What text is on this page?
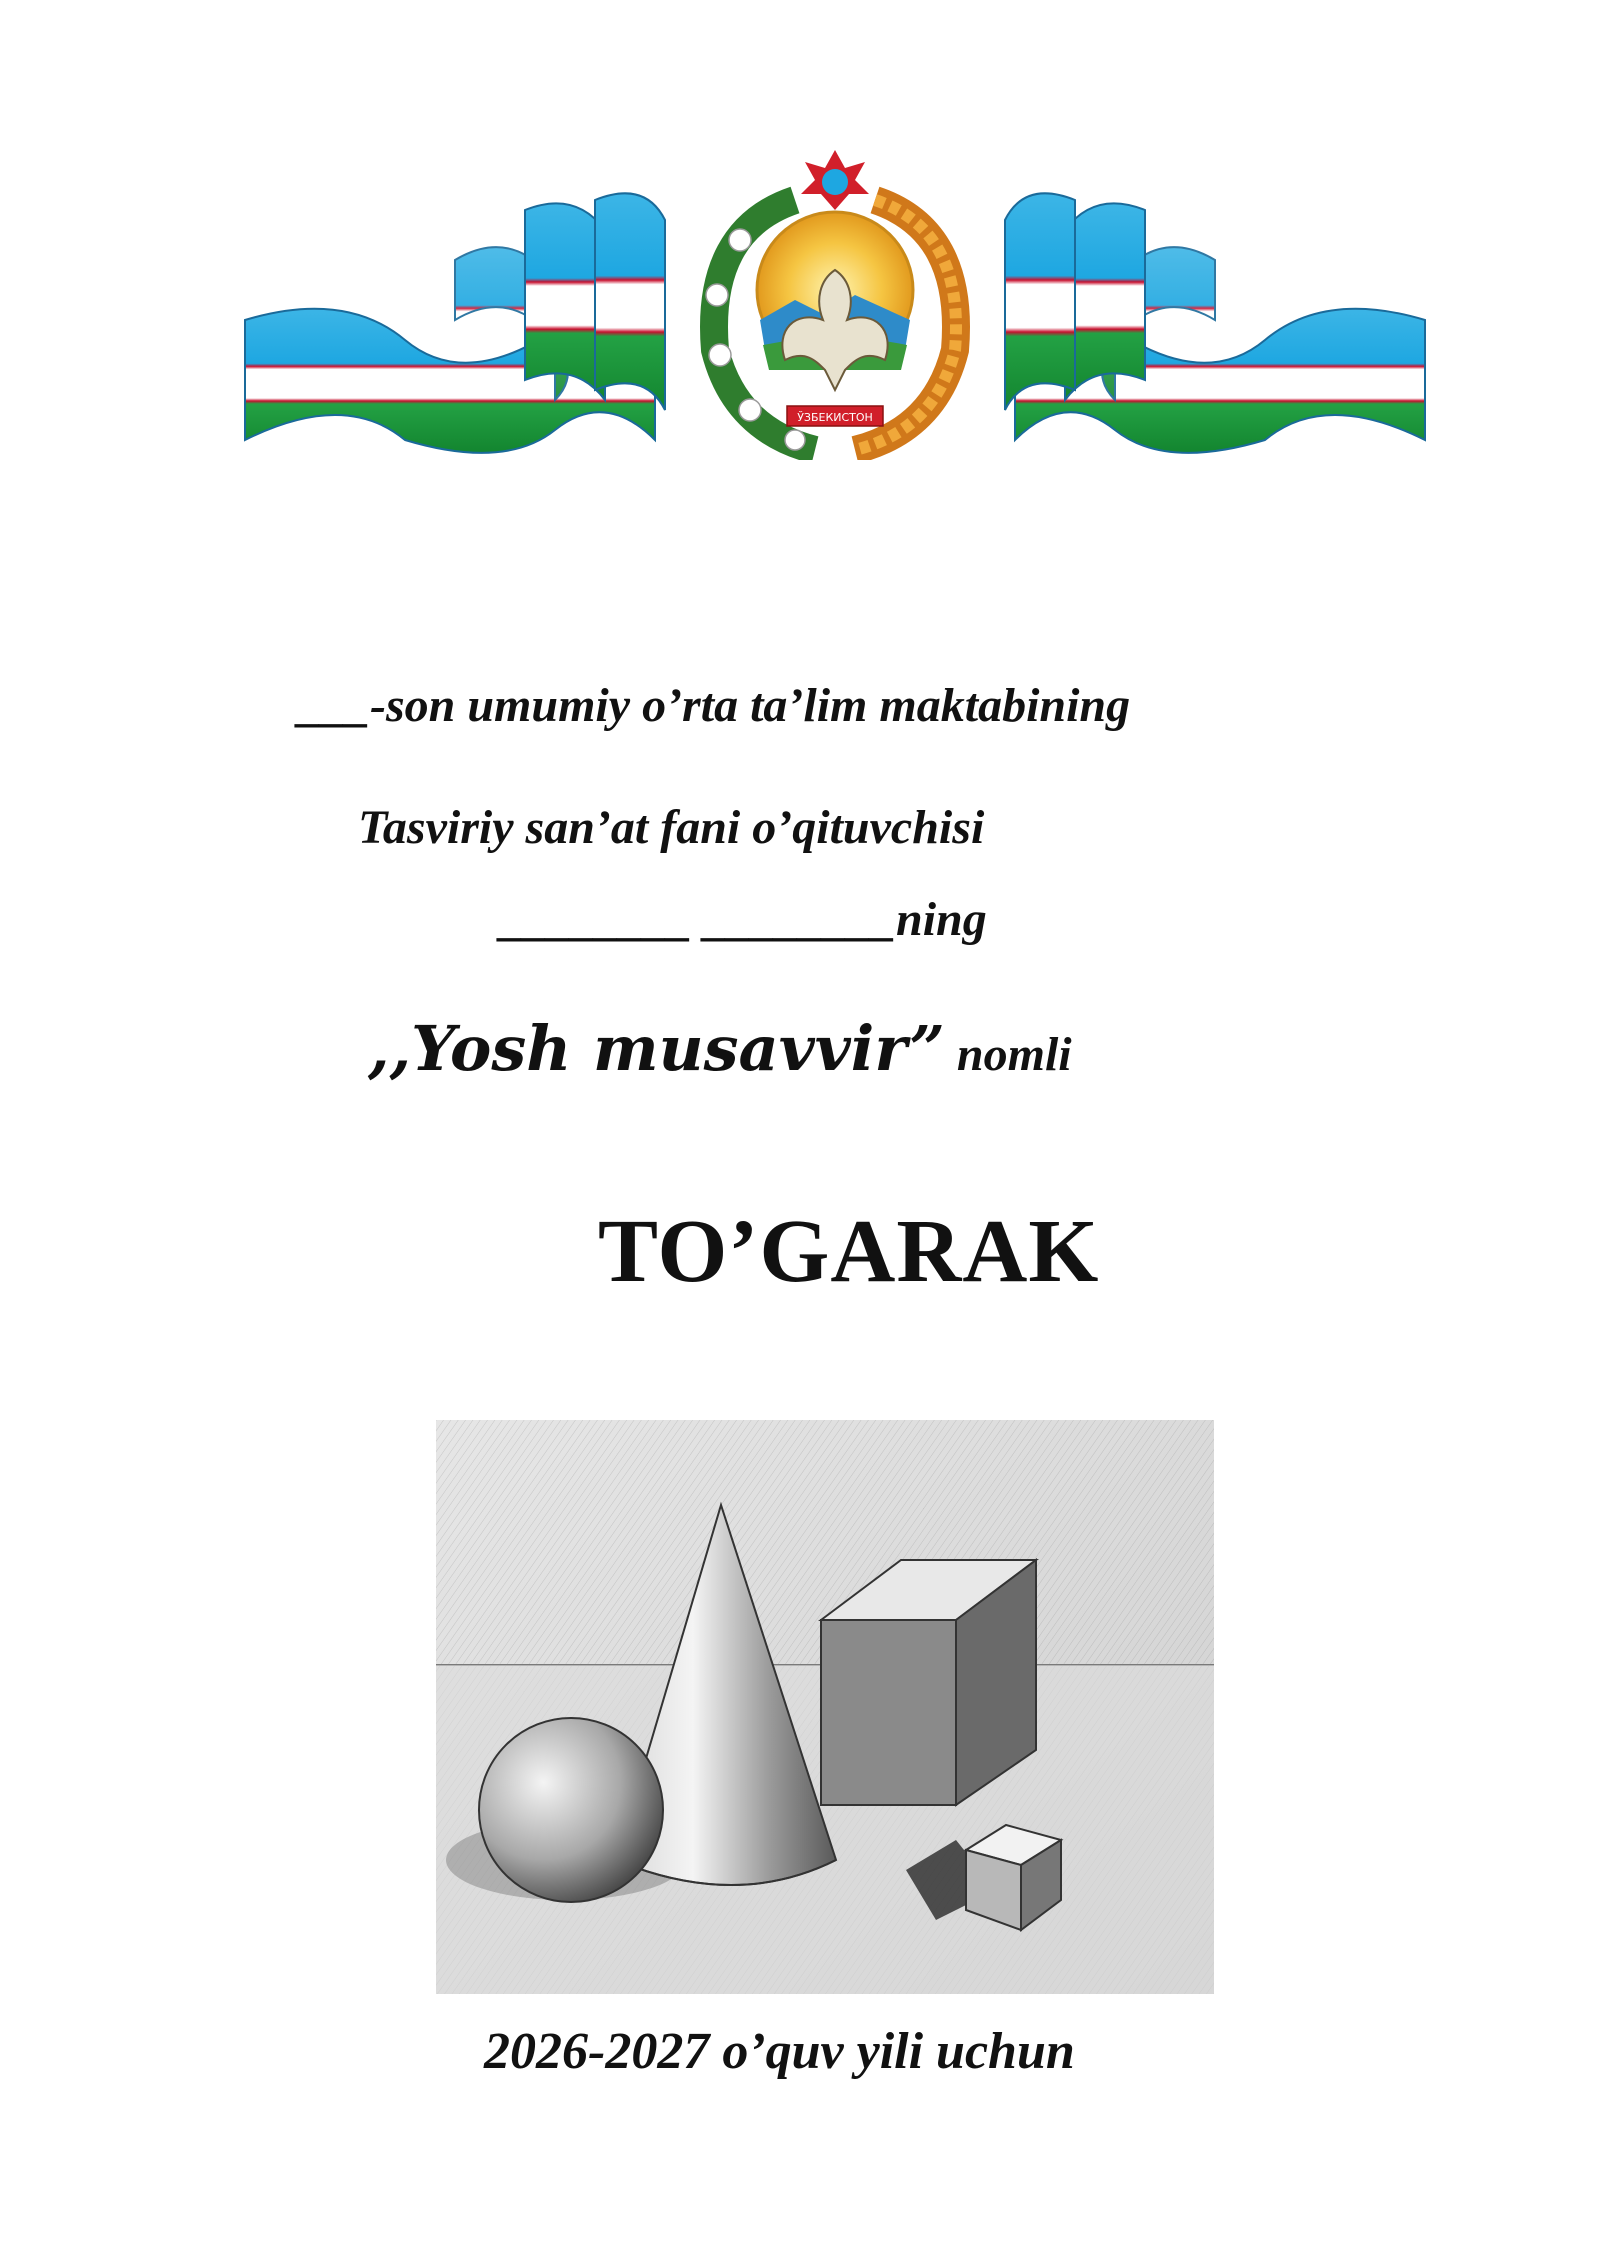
ЎЗБЕКИСТОН
___-son umumiy o’rta ta’lim maktabining
Tasviriy san’at fani o’qituvchisi
________ ________ning
,,Yosh musavvir” nomli
TO’GARAK
2026-2027 o’quv yili uchun
